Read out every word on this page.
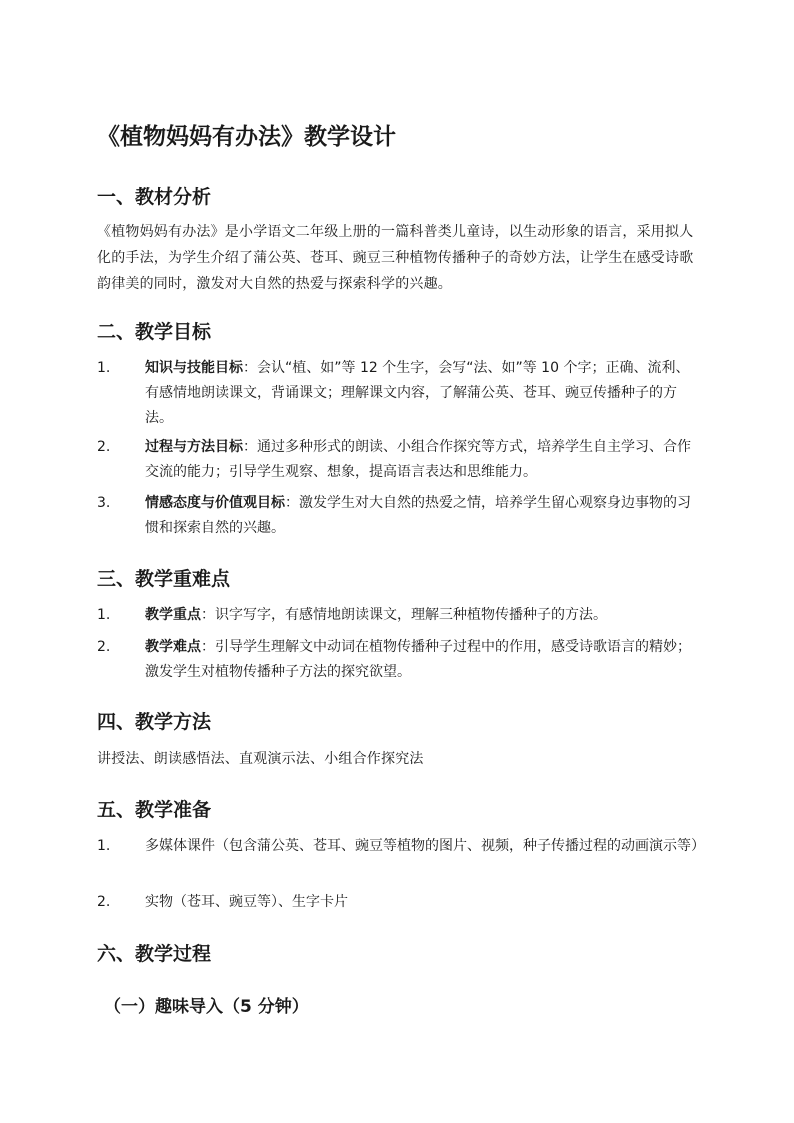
《植物妈妈有办法》教学设计
一、教材分析

《植物妈妈有办法》是小学语文二年级上册的一篇科普类儿童诗，以生动形象的语言，采用拟人化的手法，为学生介绍了蒲公英、苍耳、豌豆三种植物传播种子的奇妙方法，让学生在感受诗歌韵律美的同时，激发对大自然的热爱与探索科学的兴趣。

二、教学目标
1.	知识与技能目标：会认“植、如”等 12 个生字，会写“法、如”等 10 个字；正确、流利、有感情地朗读课文，背诵课文；理解课文内容，了解蒲公英、苍耳、豌豆传播种子的方法。
2.	过程与方法目标：通过多种形式的朗读、小组合作探究等方式，培养学生自主学习、合作交流的能力；引导学生观察、想象，提高语言表达和思维能力。
3.	情感态度与价值观目标：激发学生对大自然的热爱之情，培养学生留心观察身边事物的习惯和探索自然的兴趣。
三、教学重难点
1.	教学重点：识字写字，有感情地朗读课文，理解三种植物传播种子的方法。
2.	教学难点：引导学生理解文中动词在植物传播种子过程中的作用，感受诗歌语言的精妙；激发学生对植物传播种子方法的探究欲望。
四、教学方法

讲授法、朗读感悟法、直观演示法、小组合作探究法

五、教学准备
1.	多媒体课件（包含蒲公英、苍耳、豌豆等植物的图片、视频，种子传播过程的动画演示等）
2.	实物（苍耳、豌豆等）、生字卡片
六、教学过程
（一）趣味导入（5 分钟）
